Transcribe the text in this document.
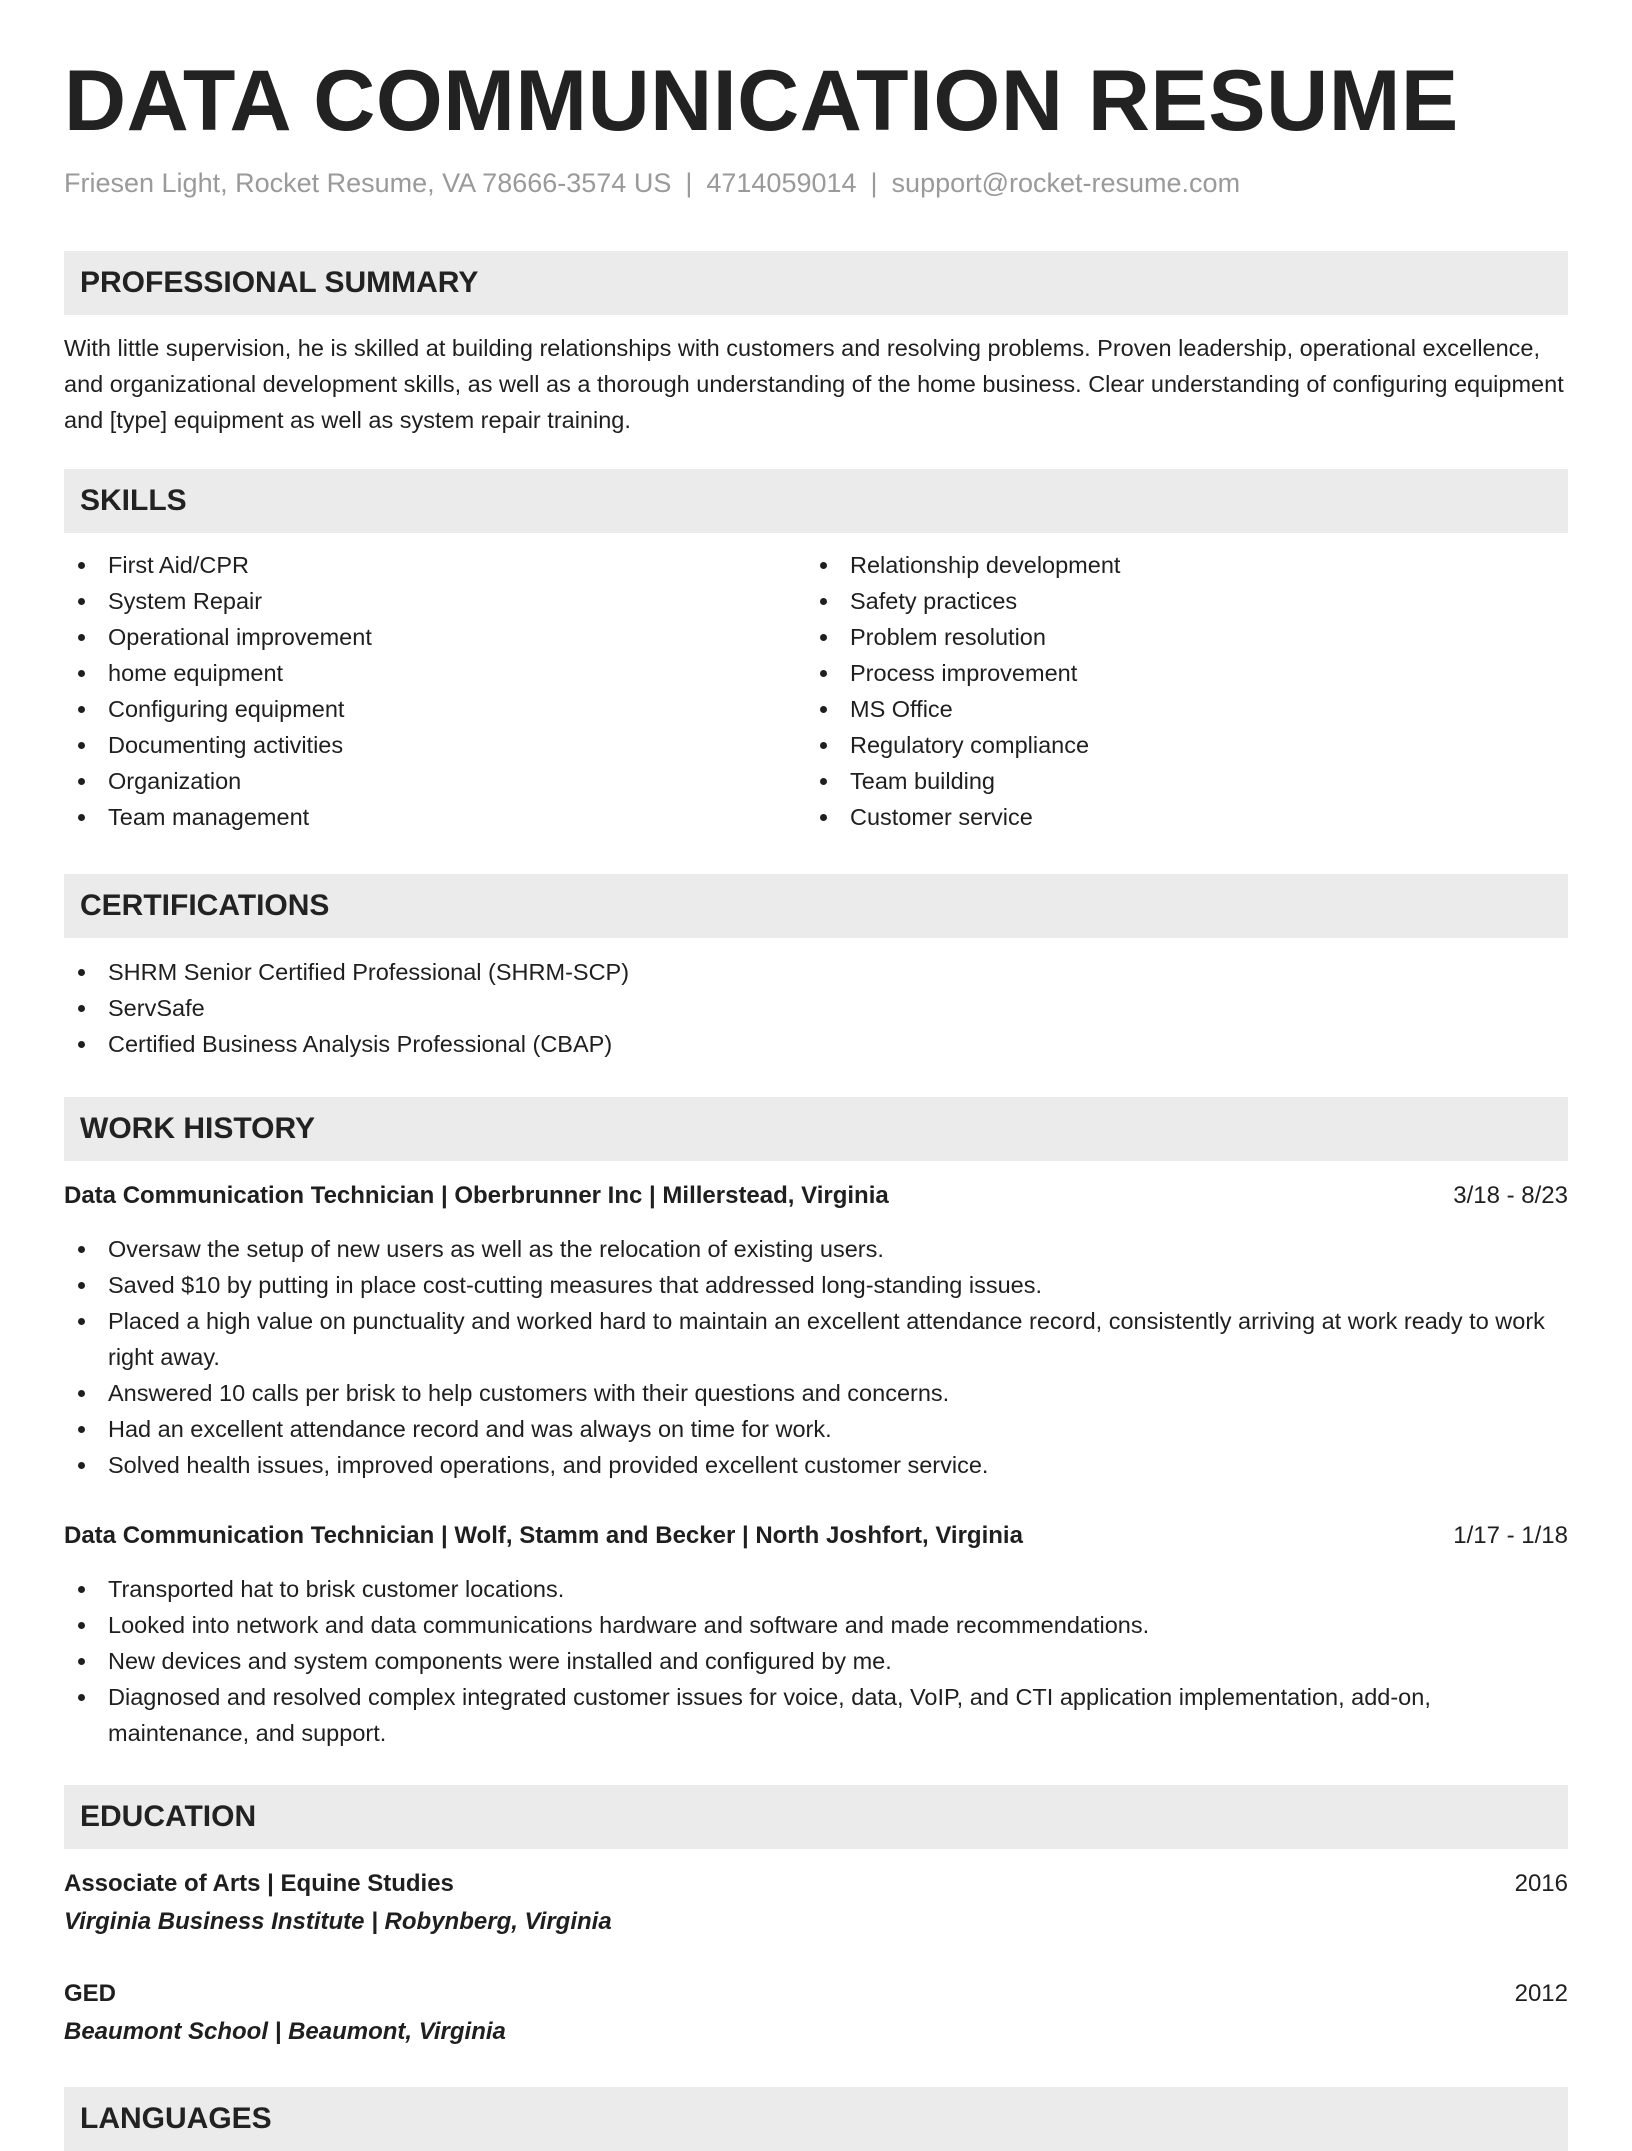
DATA COMMUNICATION RESUME
Friesen Light, Rocket Resume, VA 78666-3574 US | 4714059014 | support@rocket-resume.com
PROFESSIONAL SUMMARY
With little supervision, he is skilled at building relationships with customers and resolving problems. Proven leadership, operational excellence, and organizational development skills, as well as a thorough understanding of the home business. Clear understanding of configuring equipment and [type] equipment as well as system repair training.
SKILLS
First Aid/CPR
System Repair
Operational improvement
home equipment
Configuring equipment
Documenting activities
Organization
Team management
Relationship development
Safety practices
Problem resolution
Process improvement
MS Office
Regulatory compliance
Team building
Customer service
CERTIFICATIONS
SHRM Senior Certified Professional (SHRM-SCP)
ServSafe
Certified Business Analysis Professional (CBAP)
WORK HISTORY
Data Communication Technician | Oberbrunner Inc | Millerstead, Virginia	3/18 - 8/23
Oversaw the setup of new users as well as the relocation of existing users.
Saved $10 by putting in place cost-cutting measures that addressed long-standing issues.
Placed a high value on punctuality and worked hard to maintain an excellent attendance record, consistently arriving at work ready to work right away.
Answered 10 calls per brisk to help customers with their questions and concerns.
Had an excellent attendance record and was always on time for work.
Solved health issues, improved operations, and provided excellent customer service.
Data Communication Technician | Wolf, Stamm and Becker | North Joshfort, Virginia	1/17 - 1/18
Transported hat to brisk customer locations.
Looked into network and data communications hardware and software and made recommendations.
New devices and system components were installed and configured by me.
Diagnosed and resolved complex integrated customer issues for voice, data, VoIP, and CTI application implementation, add-on, maintenance, and support.
EDUCATION
Associate of Arts | Equine Studies	2016
Virginia Business Institute | Robynberg, Virginia
GED	2012
Beaumont School | Beaumont, Virginia
LANGUAGES
